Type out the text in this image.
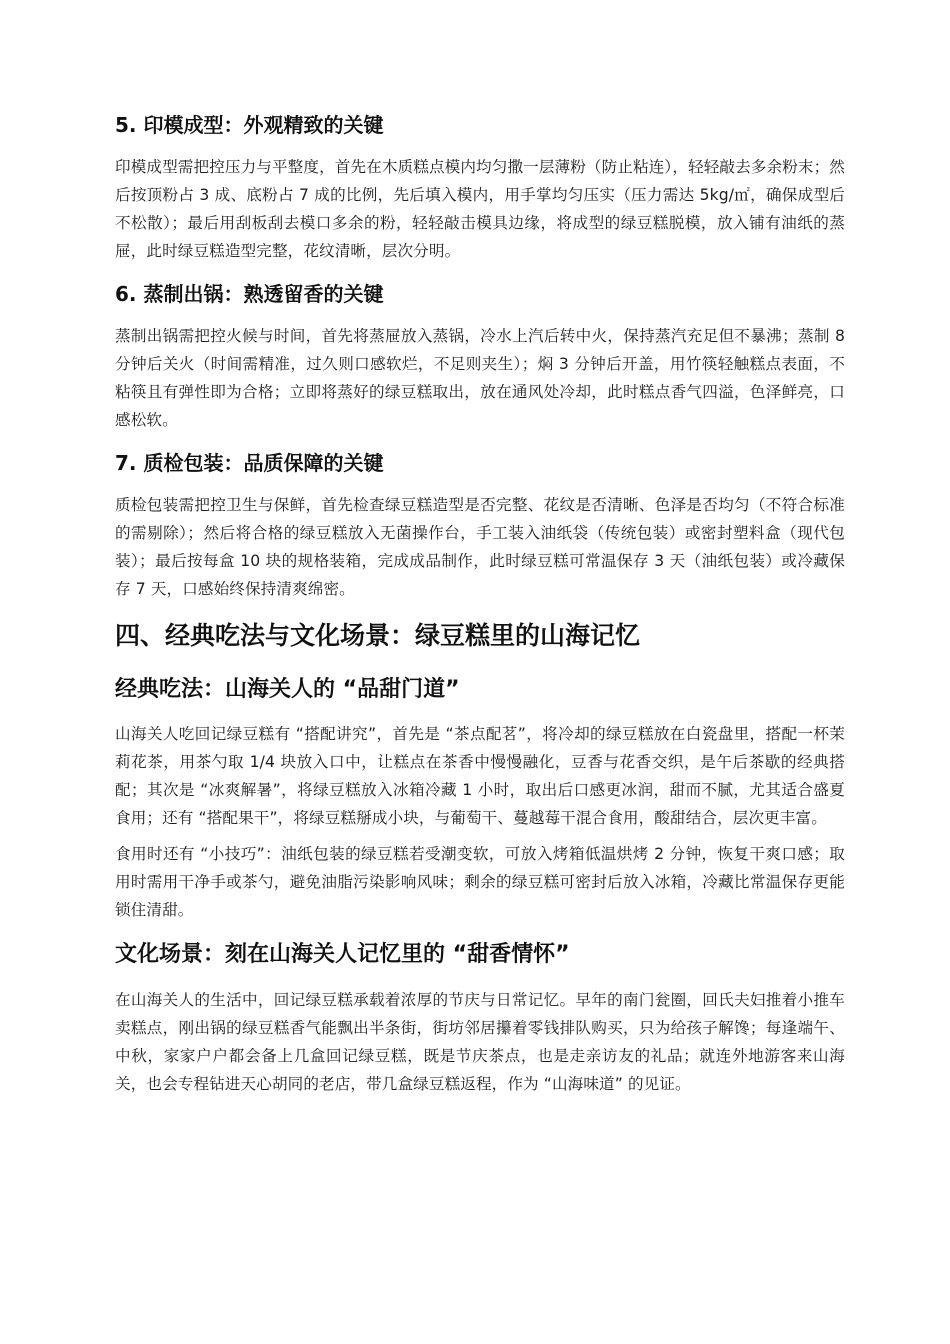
5. 印模成型：外观精致的关键

印模成型需把控压力与平整度，首先在木质糕点模内均匀撒一层薄粉（防止粘连），轻轻敲去多余粉末；然后按顶粉占 3 成、底粉占 7 成的比例，先后填入模内，用手掌均匀压实（压力需达 5kg/㎡，确保成型后不松散）；最后用刮板刮去模口多余的粉，轻轻敲击模具边缘，将成型的绿豆糕脱模，放入铺有油纸的蒸屉，此时绿豆糕造型完整，花纹清晰，层次分明。

6. 蒸制出锅：熟透留香的关键

蒸制出锅需把控火候与时间，首先将蒸屉放入蒸锅，冷水上汽后转中火，保持蒸汽充足但不暴沸；蒸制 8 分钟后关火（时间需精准，过久则口感软烂，不足则夹生）；焖 3 分钟后开盖，用竹筷轻触糕点表面，不粘筷且有弹性即为合格；立即将蒸好的绿豆糕取出，放在通风处冷却，此时糕点香气四溢，色泽鲜亮，口感松软。

7. 质检包装：品质保障的关键

质检包装需把控卫生与保鲜，首先检查绿豆糕造型是否完整、花纹是否清晰、色泽是否均匀（不符合标准的需剔除）；然后将合格的绿豆糕放入无菌操作台，手工装入油纸袋（传统包装）或密封塑料盒（现代包装）；最后按每盒 10 块的规格装箱，完成成品制作，此时绿豆糕可常温保存 3 天（油纸包装）或冷藏保存 7 天，口感始终保持清爽绵密。

四、经典吃法与文化场景：绿豆糕里的山海记忆
经典吃法：山海关人的 “品甜门道”

山海关人吃回记绿豆糕有 “搭配讲究”，首先是 “茶点配茗”，将冷却的绿豆糕放在白瓷盘里，搭配一杯茉莉花茶，用茶勺取 1/4 块放入口中，让糕点在茶香中慢慢融化，豆香与花香交织，是午后茶歇的经典搭配；其次是 “冰爽解暑”，将绿豆糕放入冰箱冷藏 1 小时，取出后口感更冰润，甜而不腻，尤其适合盛夏食用；还有 “搭配果干”，将绿豆糕掰成小块，与葡萄干、蔓越莓干混合食用，酸甜结合，层次更丰富。

食用时还有 “小技巧”：油纸包装的绿豆糕若受潮变软，可放入烤箱低温烘烤 2 分钟，恢复干爽口感；取用时需用干净手或茶勺，避免油脂污染影响风味；剩余的绿豆糕可密封后放入冰箱，冷藏比常温保存更能锁住清甜。

文化场景：刻在山海关人记忆里的 “甜香情怀”

在山海关人的生活中，回记绿豆糕承载着浓厚的节庆与日常记忆。早年的南门瓮圈，回氏夫妇推着小推车卖糕点，刚出锅的绿豆糕香气能飘出半条街，街坊邻居攥着零钱排队购买，只为给孩子解馋；每逢端午、中秋，家家户户都会备上几盒回记绿豆糕，既是节庆茶点，也是走亲访友的礼品；就连外地游客来山海关，也会专程钻进天心胡同的老店，带几盒绿豆糕返程，作为 “山海味道” 的见证。
